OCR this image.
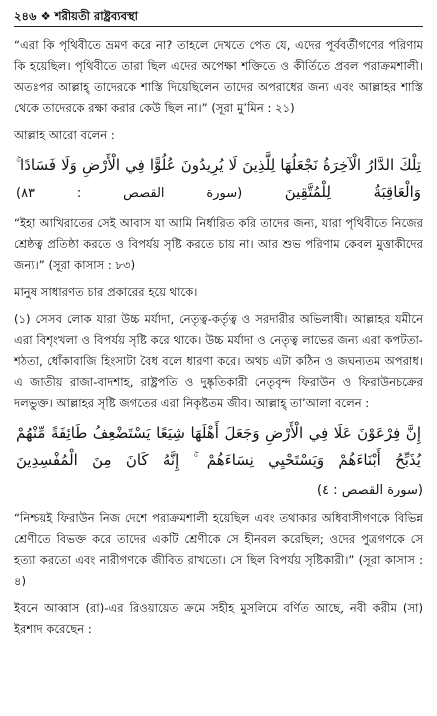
২৪৬ ❖ শরীয়তী রাষ্ট্রব্যবস্থা

“এরা কি পৃথিবীতে ভ্রমণ করে না? তাহলে দেখতে পেত যে, এদের পূর্ববর্তীগণের পরিণাম কি হয়েছিল। পৃথিবীতে তারা ছিল এদের অপেক্ষা শক্তিতে ও কীর্তিতে প্রবল পরাক্রমশালী। অতঃপর আল্লাহ্ তাদেরকে শাস্তি দিয়েছিলেন তাদের অপরাধের জন্য এবং আল্লাহর শাস্তি থেকে তাদেরকে রক্ষা করার কেউ ছিল না।” (সূরা মু’মিন : ২১)

আল্লাহ আরো বলেন :

تِلْكَ الدَّارُ الْآخِرَةُ نَجْعَلُهَا لِلَّذِينَ لَا يُرِيدُونَ عُلُوًّا فِي الْأَرْضِ وَلَا فَسَادًا ۚ وَالْعَاقِبَةُ لِلْمُتَّقِينَ (سورة القصص : ٨٣)

“ইহা আখিরাতের সেই আবাস যা আমি নির্ধারিত করি তাদের জন্য, যারা পৃথিবীতে নিজের শ্রেষ্ঠত্ব প্রতিষ্ঠা করতে ও বিপর্যয় সৃষ্টি করতে চায় না। আর শুভ পরিণাম কেবল মুত্তাকীদের জন্য।” (সূরা কাসাস : ৮৩)

মানুষ সাধারণত চার প্রকারের হয়ে থাকে।

(১) সেসব লোক যারা উচ্চ মর্যাদা, নেতৃত্ব-কর্তৃত্ব ও সরদারীর অভিলাষী। আল্লাহর যমীনে এরা বিশৃংখলা ও বিপর্যয় সৃষ্টি করে থাকে। উচ্চ মর্যাদা ও নেতৃত্ব লাভের জন্য এরা কপটতা-শঠতা, ধোঁকাবাজি হিংসাটা বৈধ বলে ধারণা করে। অথচ এটা কঠিন ও জঘন্যতম অপরাধ। এ জাতীয় রাজা-বাদশাহ, রাষ্ট্রপতি ও দুষ্কৃতিকারী নেতৃবৃন্দ ফিরাউন ও ফিরাউনচক্রের দলভুক্ত। আল্লাহর সৃষ্টি জগতের এরা নিকৃষ্টতম জীব। আল্লাহ্ তা’আলা বলেন :

إِنَّ فِرْعَوْنَ عَلَا فِي الْأَرْضِ وَجَعَلَ أَهْلَهَا شِيَعًا يَسْتَضْعِفُ طَائِفَةً مِّنْهُمْ يُذَبِّحُ أَبْنَاءَهُمْ وَيَسْتَحْيِي نِسَاءَهُمْ ۚ إِنَّهُ كَانَ مِنَ الْمُفْسِدِينَ
(سورة القصص : ٤)

“নিশ্চয়ই ফিরাউন নিজ দেশে পরাক্রমশালী হয়েছিল এবং তথাকার অধিবাসীগণকে বিভিন্ন শ্রেণীতে বিভক্ত করে তাদের একটি শ্রেণীকে সে হীনবল করেছিল; ওদের পুত্রগণকে সে হত্যা করতো এবং নারীগণকে জীবিত রাখতো। সে ছিল বিপর্যয় সৃষ্টিকারী।” (সূরা কাসাস : ৪)

ইবনে আব্বাস (রা)-এর রিওয়ায়েত ক্রমে সহীহ মুসলিমে বর্ণিত আছে, নবী করীম (সা) ইরশাদ করেছেন :
